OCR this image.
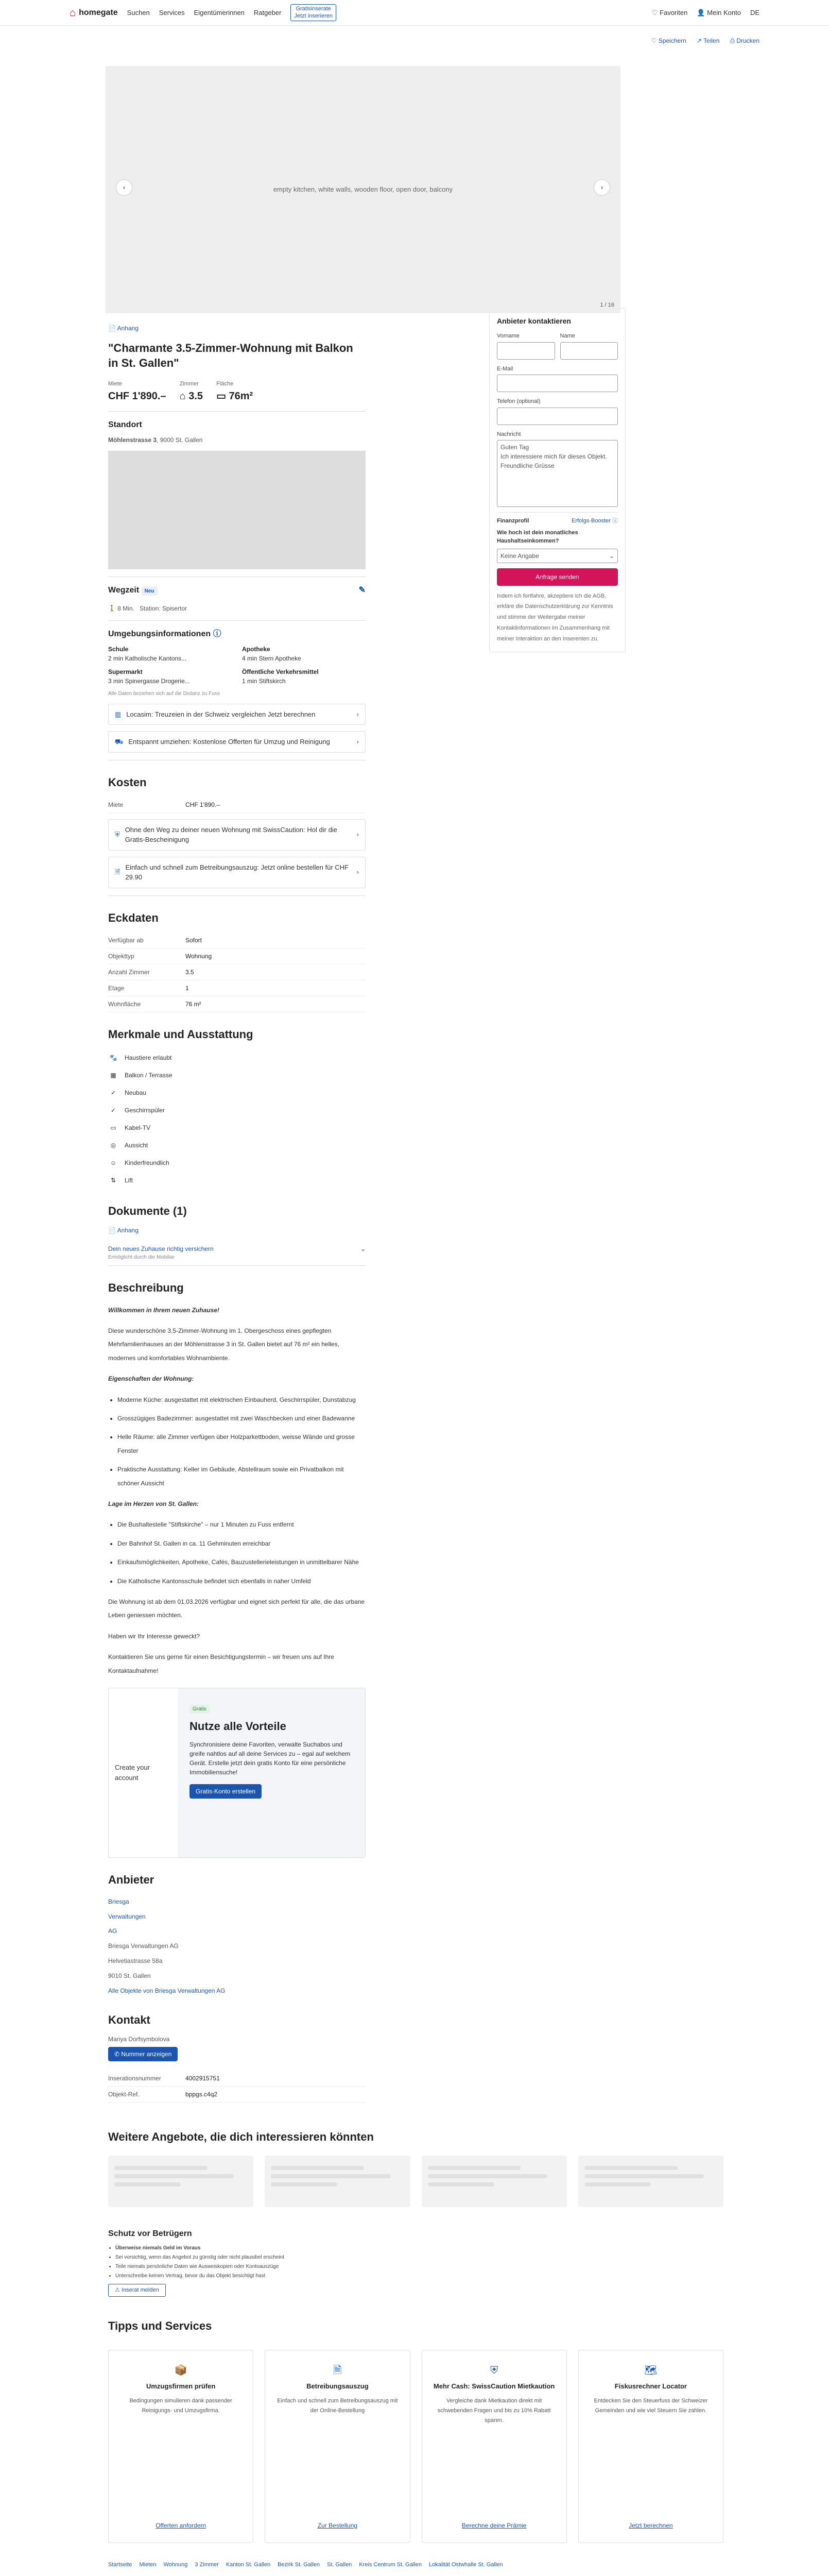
⌂ homegate Suchen Services Eigentümerinnen Ratgeber	Gratisinserate
Jetzt inserieren	♡ Favoriten 👤 Mein Konto DE
♡ Speichern ↗ Teilen ⎙ Drucken
empty kitchen, white walls, wooden floor, open door, balcony
‹	›
1 / 16
📄 Anhang
"Charmante 3.5-Zimmer-Wohnung mit Balkon in St. Gallen"
Miete
CHF 1'890.–
Zimmer
⌂ 3.5
Fläche
▭ 76m²
Standort
Möhlenstrasse 3, 9000 St. Gallen
Wegzeit Neu	✎
🚶 8 Min. Station: Spisertor
Umgebungsinformationen ⓘ
Schule
2 min Katholische Kantons...
Apotheke
4 min Stern Apotheke
Supermarkt
3 min Spinergasse Drogerie...
Öffentliche Verkehrsmittel
1 min Stiftskirch
Alle Daten beziehen sich auf die Distanz zu Fuss
▥ Locasim: Treuzeien in der Schweiz vergleichen Jetzt berechnen	›
⛟ Entspannt umziehen: Kostenlose Offerten für Umzug und Reinigung	›
Kosten
Miete	CHF 1'890.–
⛨
Ohne den Weg zu deiner neuen Wohnung mit SwissCaution: Hol dir die Gratis-Bescheinigung
›
🗎
Einfach und schnell zum Betreibungsauszug: Jetzt online bestellen für CHF 29.90
›
Eckdaten
Verfügbar ab	Sofort
Objekttyp	Wohnung
Anzahl Zimmer	3.5
Etage	1
Wohnfläche	76 m²
Merkmale und Ausstattung
🐾 Haustiere erlaubt
▦	Balkon / Terrasse
✓	Neubau
✓	Geschirrspüler
▭	Kabel-TV
◎	Aussicht
☺	Kinderfreundlich
⇅	Lift
Dokumente (1)
📄 Anhang
Dein neues Zuhause richtig versichern
Ermöglicht durch die Mobiliar
⌄
Beschreibung

Willkommen in Ihrem neuen Zuhause!

Diese wunderschöne 3.5-Zimmer-Wohnung im 1. Obergeschoss eines gepflegten Mehrfamilienhauses an der Möhlenstrasse 3 in St. Gallen bietet auf 76 m² ein helles, modernes und komfortables Wohnambiente.

Eigenschaften der Wohnung:

• Moderne Küche: ausgestattet mit elektrischen Einbauherd, Geschirrspüler, Dunstabzug
• Grosszügiges Badezimmer: ausgestattet mit zwei Waschbecken und einer Badewanne
• Helle Räume: alle Zimmer verfügen über Holzparkettboden, weisse Wände und grosse Fenster
• Praktische Ausstattung: Keller im Gebäude, Abstellraum sowie ein Privatbalkon mit schöner Aussicht

Lage im Herzen von St. Gallen:

• Die Bushaltestelle "Stiftskirche" – nur 1 Minuten zu Fuss entfernt
• Der Bahnhof St. Gallen in ca. 11 Gehminuten erreichbar
• Einkaufsmöglichkeiten, Apotheke, Cafés, Bauzustellerieleistungen in unmittelbarer Nähe
• Die Katholische Kantonsschule befindet sich ebenfalls in naher Umfeld

Die Wohnung ist ab dem 01.03.2026 verfügbar und eignet sich perfekt für alle, die das urbane Leben geniessen möchten.

Haben wir Ihr Interesse geweckt?

Kontaktieren Sie uns gerne für einen Besichtigungstermin – wir freuen uns auf Ihre Kontaktaufnahme!

Create your account
Gratis
Nutze alle Vorteile
Synchronisiere deine Favoriten, verwalte Suchabos und greife nahtlos auf all deine Services zu – egal auf welchem Gerät. Erstelle jetzt dein gratis Konto für eine persönliche Immobiliensuche!
Gratis-Konto erstellen
Anbieter
Briesga Verwaltungen AG
Briesga Verwaltungen AG
Helvetiastrasse 58a
9010 St. Gallen
Alle Objekte von Briesga Verwaltungen AG
Kontakt
Mariya Dorfsymbolova
✆ Nummer anzeigen
Inserationsnummer	4002915751
Objekt-Ref.	bppgs.c4q2
Anbieter kontaktieren
Vorname	Name
E-Mail
Telefon (optional)
Nachricht
Guten Tag
Ich interessiere mich für dieses Objekt.
Freundliche Grüsse
Finanzprofil	Erfolgs-Booster ⓘ
Wie hoch ist dein monatliches Haushaltseinkommen?
Keine Angabe	⌄
Anfrage senden
Indem ich fortfahre, akzeptiere ich die AGB, erkläre die Datenschutzerklärung zur Kenntnis und stimme der Weitergabe meiner Kontaktinformationen im Zusammenhang mit meiner Interaktion an den Inserenten zu.
Weitere Angebote, die dich interessieren könnten
Schutz vor Betrügern
• Überweise niemals Geld im Voraus
• Sei vorsichtig, wenn das Angebot zu günstig oder nicht plausibel erscheint
• Teile niemals persönliche Daten wie Ausweiskopien oder Kontoauszüge
• Unterschreibe keinen Vertrag, bevor du das Objekt besichtigt hast
⚠ Inserat melden
Tipps und Services
📦
Umzugsfirmen prüfen

Bedingungen simulieren dank passender Reinigungs- und Umzugsfirma.

Offerten anfordern
🗎
Betreibungsauszug

Einfach und schnell zum Betreibungsauszug mit der Online-Bestellung

Zur Bestellung
⛨
Mehr Cash: SwissCaution Mietkaution

Vergleiche dank Mietkaution direkt mit schwebenden Fragen und bis zu 10% Rabatt sparen.

Berechne deine Prämie
🗺
Fiskusrechner Locator

Entdecken Sie den Steuerfuss der Schweizer Gemeinden und wie viel Steuern Sie zahlen.

Jetzt berechnen
Startseite Mieten Wohnung 3 Zimmer Kanton St. Gallen Bezirk St. Gallen St. Gallen Kreis Centrum St. Gallen Lokalität Ostwhalle St. Gallen
